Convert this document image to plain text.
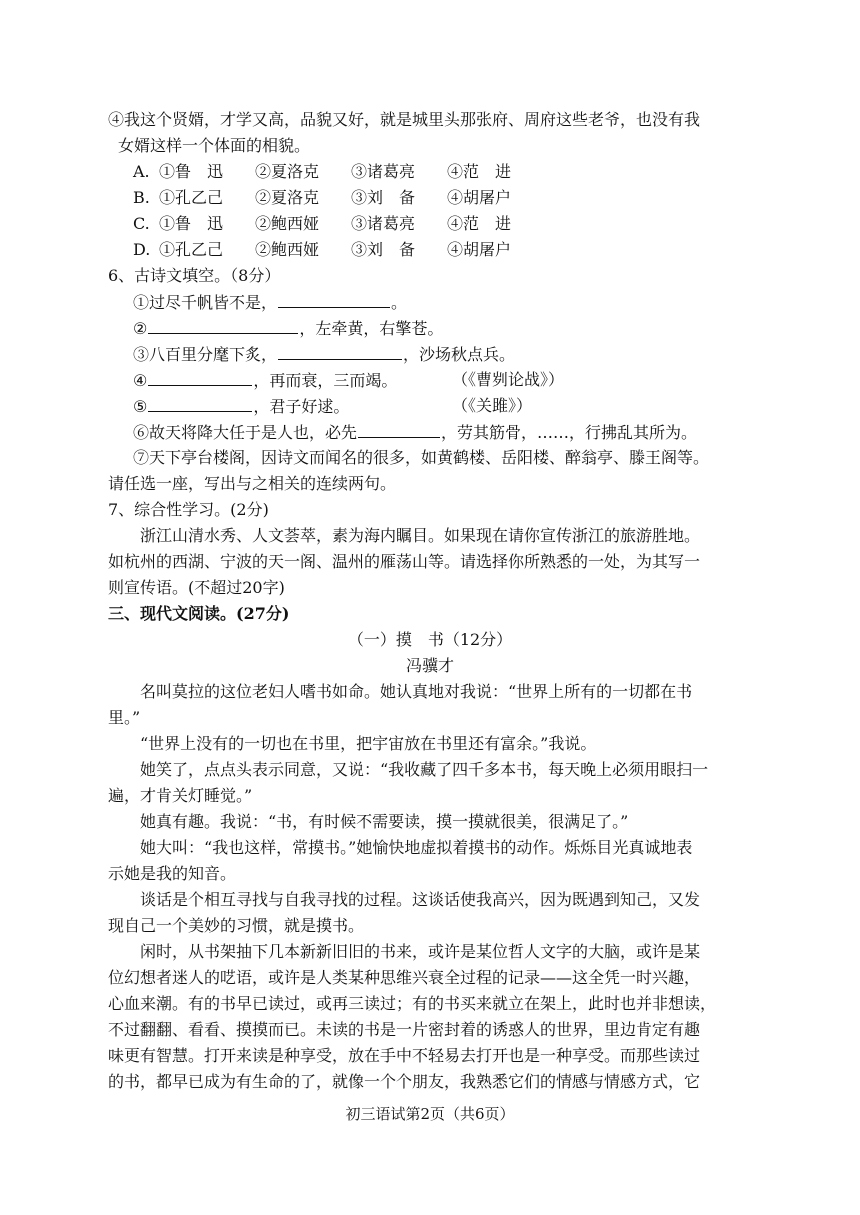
④我这个贤婿，才学又高，品貌又好，就是城里头那张府、周府这些老爷，也没有我
女婿这样一个体面的相貌。
A. ①鲁　迅 ②夏洛克 ③诸葛亮 ④范　进
B. ①孔乙己 ②夏洛克 ③刘　备 ④胡屠户
C. ①鲁　迅 ②鲍西娅 ③诸葛亮 ④范　进
D. ①孔乙己 ②鲍西娅 ③刘　备 ④胡屠户
6、古诗文填空。（8分）
①过尽千帆皆不是，	。
②	，左牵黄，右擎苍。
③八百里分麾下炙，	，沙场秋点兵。
④	，再而衰，三而竭。	（《曹刿论战》）
⑤	，君子好逑。	（《关雎》）
⑥故天将降大任于是人也，必先	，劳其筋骨，……，行拂乱其所为。
⑦天下亭台楼阁，因诗文而闻名的很多，如黄鹤楼、岳阳楼、醉翁亭、滕王阁等。
请任选一座，写出与之相关的连续两句。
7、综合性学习。(2分)
浙江山清水秀、人文荟萃，素为海内瞩目。如果现在请你宣传浙江的旅游胜地。
如杭州的西湖、宁波的天一阁、温州的雁荡山等。请选择你所熟悉的一处，为其写一
则宣传语。(不超过20字)
三、现代文阅读。(27分)
（一）摸　书（12分）
冯骥才
名叫莫拉的这位老妇人嗜书如命。她认真地对我说：“世界上所有的一切都在书
里。”
“世界上没有的一切也在书里，把宇宙放在书里还有富余。”我说。
她笑了，点点头表示同意，又说：“我收藏了四千多本书，每天晚上必须用眼扫一
遍，才肯关灯睡觉。”
她真有趣。我说：“书，有时候不需要读，摸一摸就很美，很满足了。”
她大叫：“我也这样，常摸书。”她愉快地虚拟着摸书的动作。烁烁目光真诚地表
示她是我的知音。
谈话是个相互寻找与自我寻找的过程。这谈话使我高兴，因为既遇到知己，又发
现自己一个美妙的习惯，就是摸书。
闲时，从书架抽下几本新新旧旧的书来，或许是某位哲人文字的大脑，或许是某
位幻想者迷人的呓语，或许是人类某种思维兴衰全过程的记录——这全凭一时兴趣，
心血来潮。有的书早已读过，或再三读过；有的书买来就立在架上，此时也并非想读，
不过翻翻、看看、摸摸而已。未读的书是一片密封着的诱惑人的世界，里边肯定有趣
味更有智慧。打开来读是种享受，放在手中不轻易去打开也是一种享受。而那些读过
的书，都早已成为有生命的了，就像一个个朋友，我熟悉它们的情感与情感方式，它
初三语试第2页（共6页）
